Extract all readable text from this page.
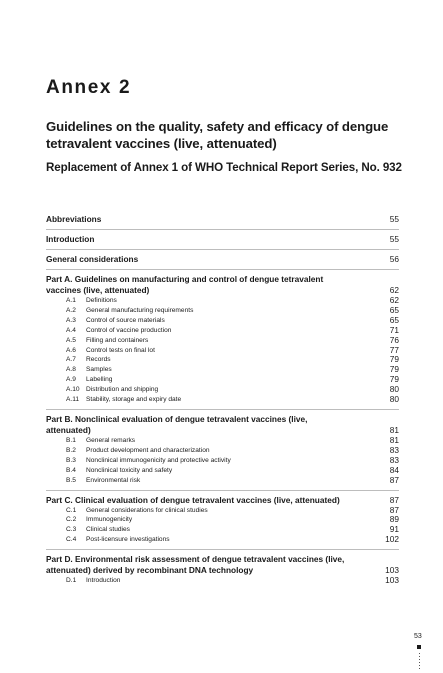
Annex 2
Guidelines on the quality, safety and efficacy of dengue tetravalent vaccines (live, attenuated)
Replacement of Annex 1 of WHO Technical Report Series, No. 932
Abbreviations	55
Introduction	55
General considerations	56
Part A. Guidelines on manufacturing and control of dengue tetravalent vaccines (live, attenuated)	62
A.1	Definitions	62
A.2	General manufacturing requirements	65
A.3	Control of source materials	65
A.4	Control of vaccine production	71
A.5	Filling and containers	76
A.6	Control tests on final lot	77
A.7	Records	79
A.8	Samples	79
A.9	Labelling	79
A.10 Distribution and shipping	80
A.11	Stability, storage and expiry date	80
Part B. Nonclinical evaluation of dengue tetravalent vaccines (live, attenuated)	81
B.1	General remarks	81
B.2	Product development and characterization	83
B.3	Nonclinical immunogenicity and protective activity	83
B.4	Nonclinical toxicity and safety	84
B.5	Environmental risk	87
Part C. Clinical evaluation of dengue tetravalent vaccines (live, attenuated)	87
C.1	General considerations for clinical studies	87
C.2	Immunogenicity	89
C.3	Clinical studies	91
C.4	Post-licensure investigations	102
Part D. Environmental risk assessment of dengue tetravalent vaccines (live, attenuated) derived by recombinant DNA technology	103
D.1	Introduction	103
53
